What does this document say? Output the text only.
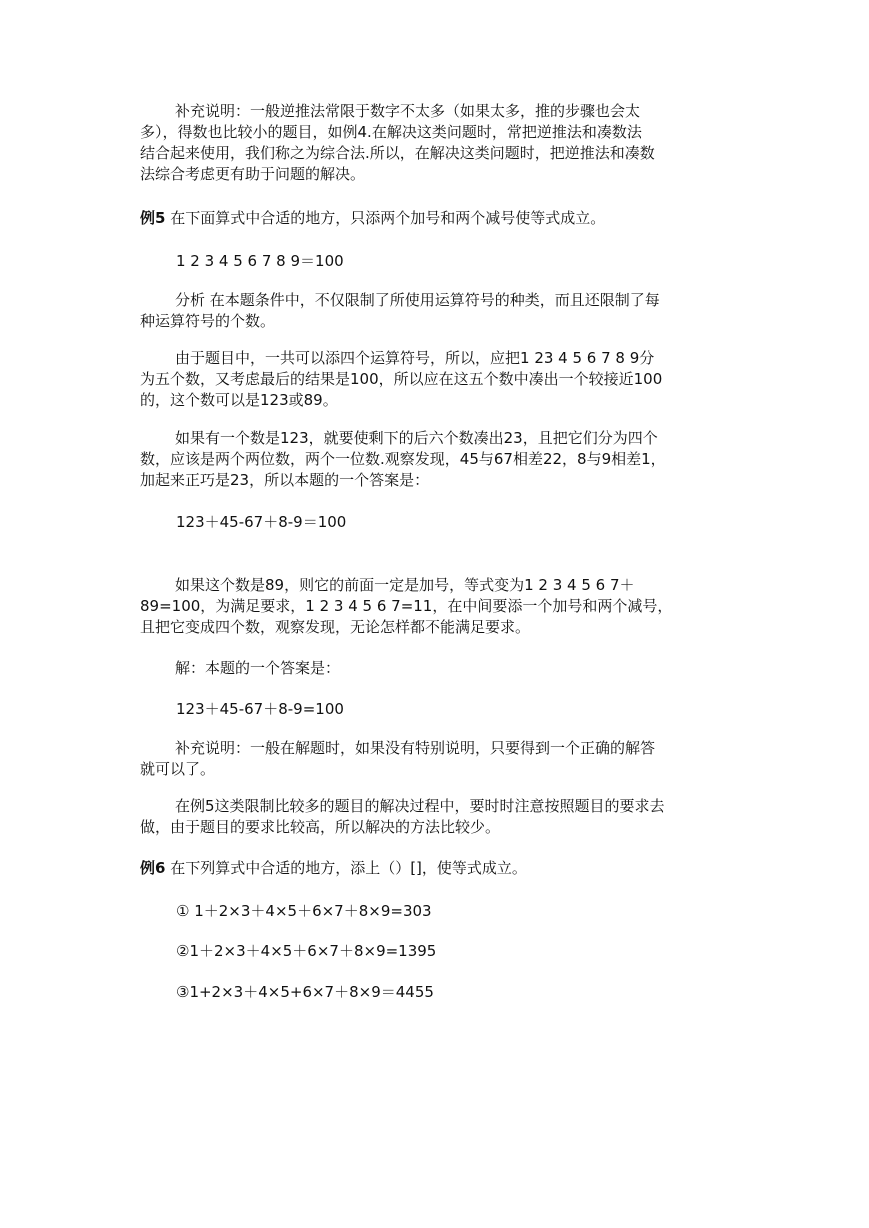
补充说明：一般逆推法常限于数字不太多（如果太多，推的步骤也会太
多），得数也比较小的题目，如例4.在解决这类问题时，常把逆推法和凑数法
结合起来使用，我们称之为综合法.所以，在解决这类问题时，把逆推法和凑数
法综合考虑更有助于问题的解决。

例5 在下面算式中合适的地方，只添两个加号和两个减号使等式成立。

1 2 3 4 5 6 7 8 9＝100

分析 在本题条件中，不仅限制了所使用运算符号的种类，而且还限制了每
种运算符号的个数。

由于题目中，一共可以添四个运算符号，所以，应把1 23 4 5 6 7 8 9分
为五个数，又考虑最后的结果是100，所以应在这五个数中凑出一个较接近100
的，这个数可以是123或89。

如果有一个数是123，就要使剩下的后六个数凑出23，且把它们分为四个
数，应该是两个两位数，两个一位数.观察发现，45与67相差22，8与9相差1，
加起来正巧是23，所以本题的一个答案是：

123＋45-67＋8-9＝100

如果这个数是89，则它的前面一定是加号，等式变为1 2 3 4 5 6 7＋
89=100，为满足要求，1 2 3 4 5 6 7=11，在中间要添一个加号和两个减号，
且把它变成四个数，观察发现，无论怎样都不能满足要求。

解：本题的一个答案是：

123＋45-67＋8-9=100

补充说明：一般在解题时，如果没有特别说明，只要得到一个正确的解答
就可以了。

在例5这类限制比较多的题目的解决过程中，要时时注意按照题目的要求去
做，由于题目的要求比较高，所以解决的方法比较少。

例6 在下列算式中合适的地方，添上（）[]，使等式成立。

① 1＋2×3＋4×5＋6×7＋8×9=303

②1＋2×3＋4×5＋6×7＋8×9=1395

③1+2×3＋4×5+6×7＋8×9＝4455
